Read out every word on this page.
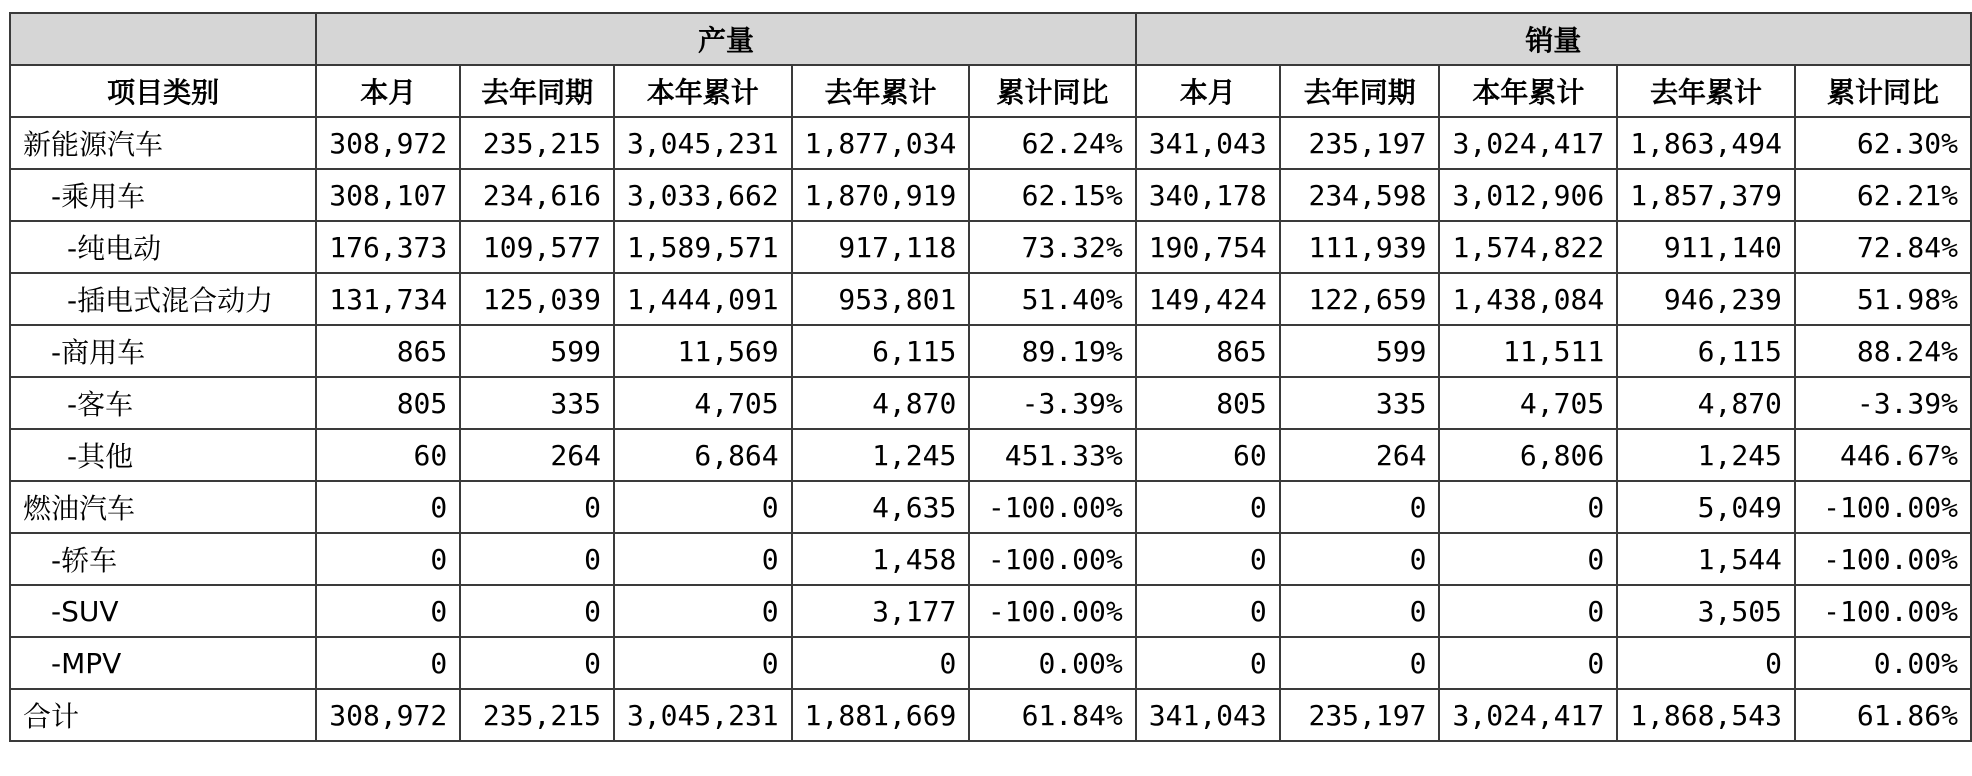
	产量					销量				
项目类别	本月	去年同期	本年累计	去年累计	累计同比	本月	去年同期	本年累计	去年累计	累计同比
新能源汽车	308,972	235,215	3,045,231	1,877,034	62.24%	341,043	235,197	3,024,417	1,863,494	62.30%
-乘用车	308,107	234,616	3,033,662	1,870,919	62.15%	340,178	234,598	3,012,906	1,857,379	62.21%
-纯电动	176,373	109,577	1,589,571	917,118	73.32%	190,754	111,939	1,574,822	911,140	72.84%
-插电式混合动力	131,734	125,039	1,444,091	953,801	51.40%	149,424	122,659	1,438,084	946,239	51.98%
-商用车	865	599	11,569	6,115	89.19%	865	599	11,511	6,115	88.24%
-客车	805	335	4,705	4,870	-3.39%	805	335	4,705	4,870	-3.39%
-其他	60	264	6,864	1,245	451.33%	60	264	6,806	1,245	446.67%
燃油汽车	0	0	0	4,635	-100.00%	0	0	0	5,049	-100.00%
-轿车	0	0	0	1,458	-100.00%	0	0	0	1,544	-100.00%
-SUV	0	0	0	3,177	-100.00%	0	0	0	3,505	-100.00%
-MPV	0	0	0	0	0.00%	0	0	0	0	0.00%
合计	308,972	235,215	3,045,231	1,881,669	61.84%	341,043	235,197	3,024,417	1,868,543	61.86%
